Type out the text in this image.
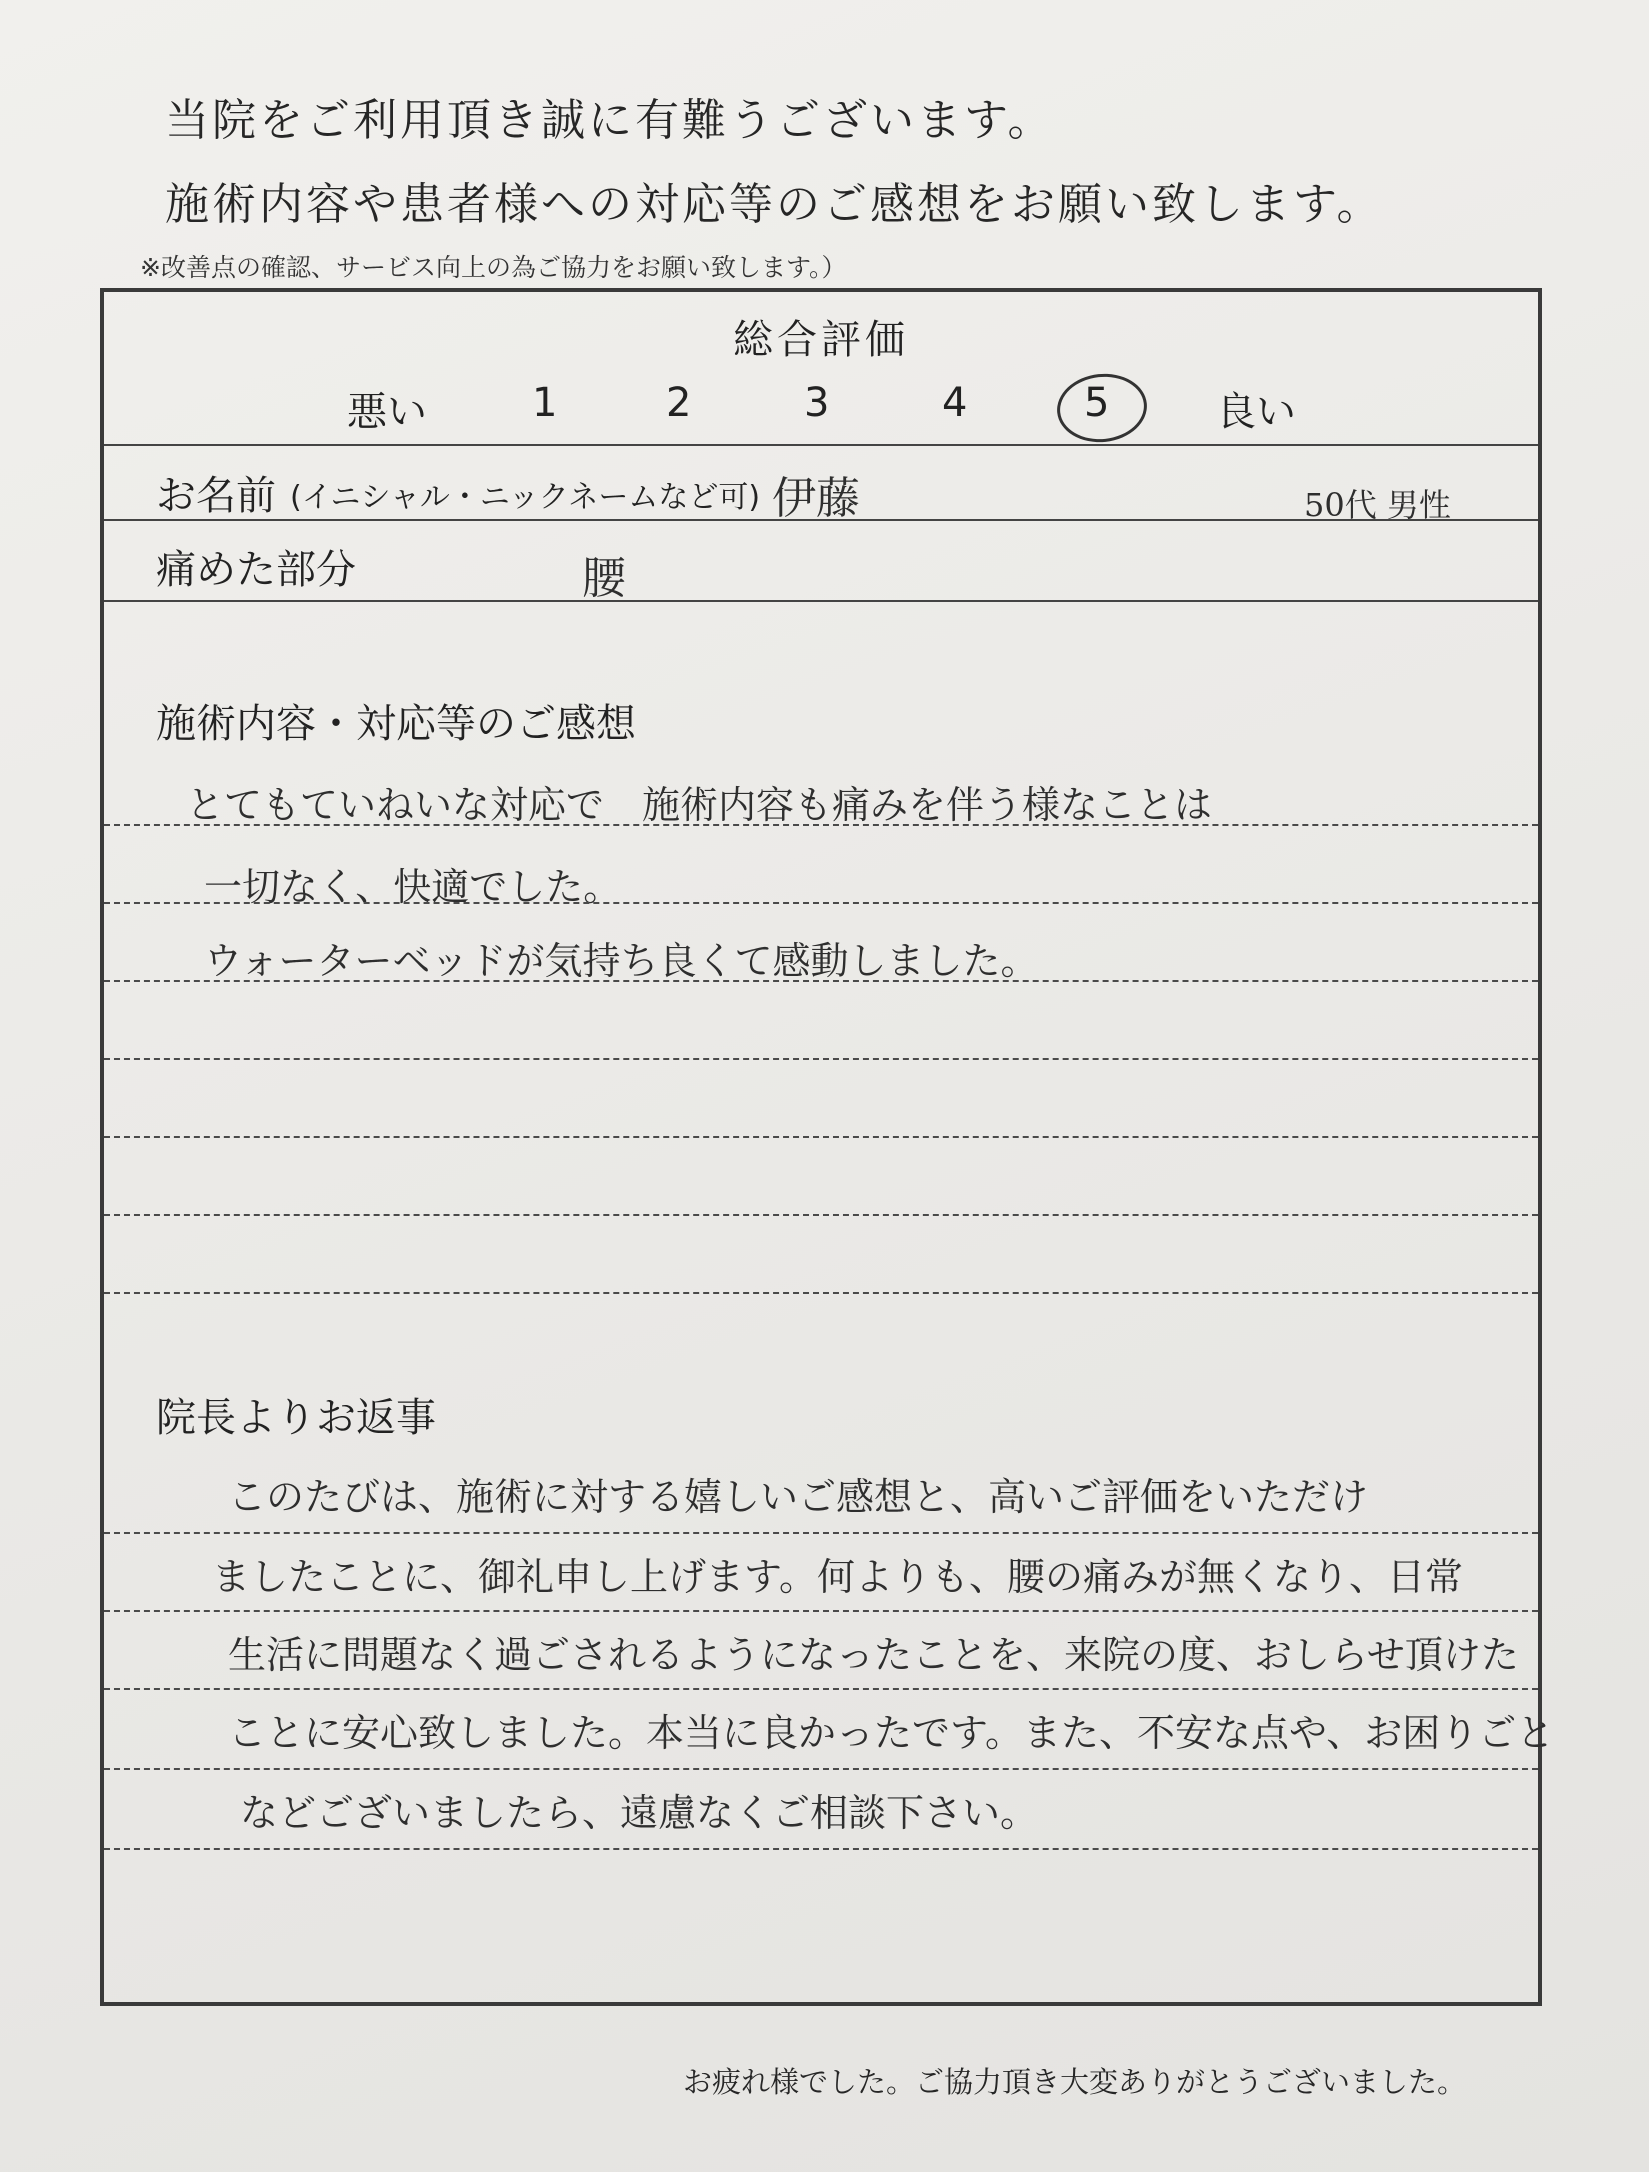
当院をご利用頂き誠に有難うございます。
施術内容や患者様への対応等のご感想をお願い致します。
※改善点の確認、サービス向上の為ご協力をお願い致します。）
総合評価
悪い	1	2	3	4	5	良い
お名前 (イニシャル・ニックネームなど可) 伊藤	50代 男性
痛めた部分	腰
施術内容・対応等のご感想
とてもていねいな対応で　施術内容も痛みを伴う様なことは
一切なく、快適でした。
ウォーターベッドが気持ち良くて感動しました。
院長よりお返事
このたびは、施術に対する嬉しいご感想と、高いご評価をいただけ
ましたことに、御礼申し上げます。何よりも、腰の痛みが無くなり、日常
生活に問題なく過ごされるようになったことを、来院の度、おしらせ頂けた
ことに安心致しました。本当に良かったです。また、不安な点や、お困りごと
などございましたら、遠慮なくご相談下さい。
お疲れ様でした。ご協力頂き大変ありがとうございました。
